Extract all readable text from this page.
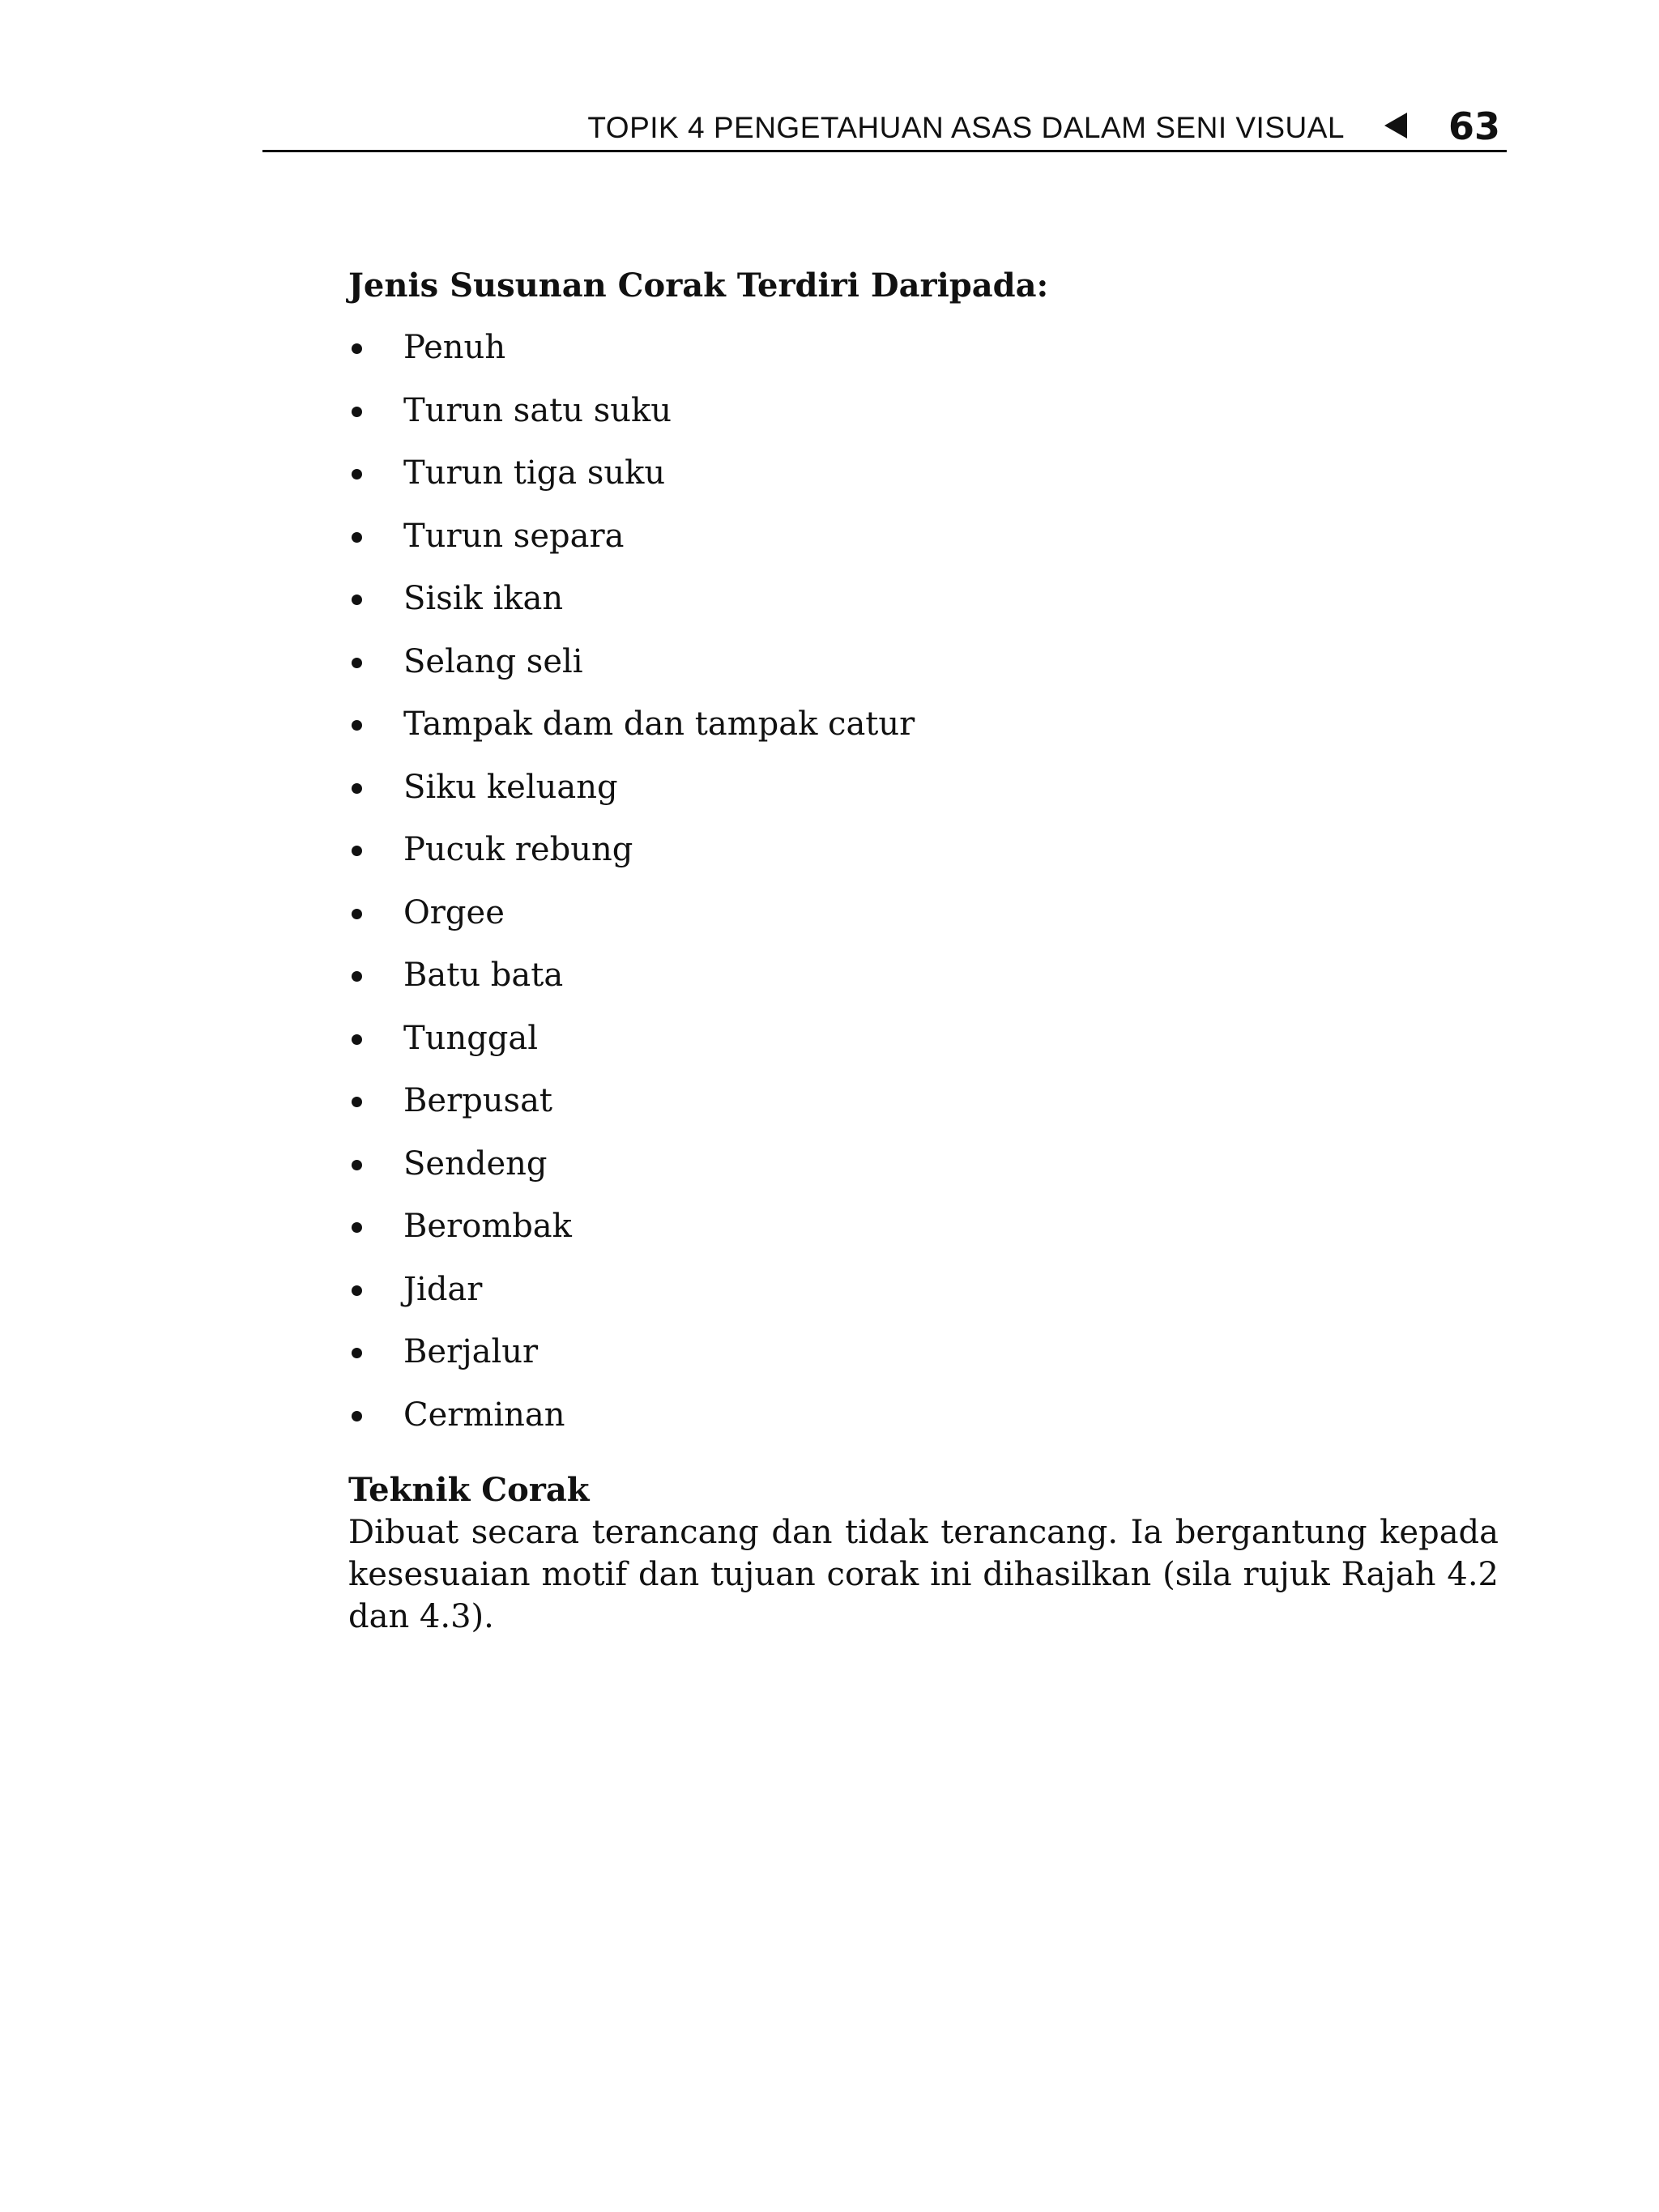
TOPIK 4 PENGETAHUAN ASAS DALAM SENI VISUAL	63
Jenis Susunan Corak Terdiri Daripada:
Penuh
Turun satu suku
Turun tiga suku
Turun separa
Sisik ikan
Selang seli
Tampak dam dan tampak catur
Siku keluang
Pucuk rebung
Orgee
Batu bata
Tunggal
Berpusat
Sendeng
Berombak
Jidar
Berjalur
Cerminan
Teknik Corak

Dibuat secara terancang dan tidak terancang. Ia bergantung kepada kesesuaian motif dan tujuan corak ini dihasilkan (sila rujuk Rajah 4.2 dan 4.3).
